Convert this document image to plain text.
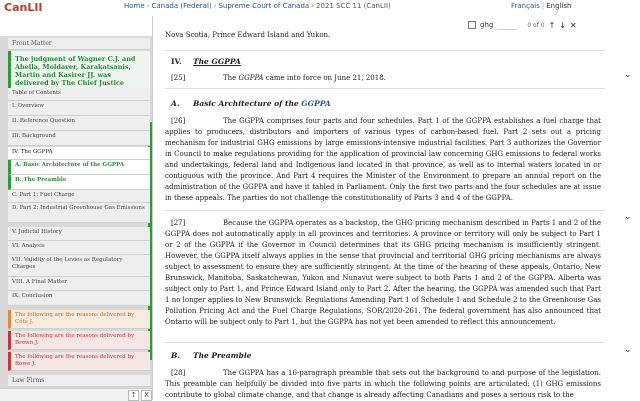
CanLII	Home › Canada (Federal) › Supreme Court of Canada › 2021 SCC 11 (CanLII)	Français | English
ghg	0 of 0 ↑ ↓ ✕
Front Matter
The judgment of Wagner C.J. and Abella, Moldaver, Karakatsanis, Martin and Kasirer JJ. was delivered by The Chief Justice
Table of Contents
I. Overview
II. Reference Question
III. Background
IV. The GGPPA
A. Basic Architecture of the GGPPA
B. The Preamble
C. Part 1: Fuel Charge
D. Part 2: Industrial Greenhouse Gas Emissions
V. Judicial History
VI. Analysis
VII. Validity of the Levies as Regulatory Charges
VIII. A Final Matter
IX. Conclusion
The following are the reasons delivered by Côté J.
The following are the reasons delivered by Brown J.
The following are the reasons delivered by Rowe J.
Law Firms
↑	X
Nova Scotia, Prince Edward Island and Yukon.
IV. The GGPPA
[25]	The GGPPA came into force on June 21, 2018.
A. Basic Architecture of the GGPPA
[26]	The GGPPA comprises four parts and four schedules. Part 1 of the GGPPA establishes a fuel charge that applies to producers, distributors and importers of various types of carbon-based fuel. Part 2 sets out a pricing mechanism for industrial GHG emissions by large emissions-intensive industrial facilities. Part 3 authorizes the Governor in Council to make regulations providing for the application of provincial law concerning GHG emissions to federal works and undertakings, federal land and Indigenous land located in that province, as well as to internal waters located in or contiguous with the province. And Part 4 requires the Minister of the Environment to prepare an annual report on the administration of the GGPPA and have it tabled in Parliament. Only the first two parts and the four schedules are at issue in these appeals. The parties do not challenge the constitutionality of Parts 3 and 4 of the GGPPA.
[27]	Because the GGPPA operates as a backstop, the GHG pricing mechanism described in Parts 1 and 2 of the GGPPA does not automatically apply in all provinces and territories. A province or territory will only be subject to Part 1 or 2 of the GGPPA if the Governor in Council determines that its GHG pricing mechanism is insufficiently stringent. However, the GGPPA itself always applies in the sense that provincial and territorial GHG pricing mechanisms are always subject to assessment to ensure they are sufficiently stringent. At the time of the hearing of these appeals, Ontario, New Brunswick, Manitoba, Saskatchewan, Yukon and Nunavut were subject to both Parts 1 and 2 of the GGPPA. Alberta was subject only to Part 1, and Prince Edward Island only to Part 2. After the hearing, the GGPPA was amended such that Part 1 no longer applies to New Brunswick: Regulations Amending Part 1 of Schedule 1 and Schedule 2 to the Greenhouse Gas Pollution Pricing Act and the Fuel Charge Regulations, SOR/2020-261. The federal government has also announced that Ontario will be subject only to Part 1, but the GGPPA has not yet been amended to reflect this announcement.
B. The Preamble
[28]	The GGPPA has a 16-paragraph preamble that sets out the background to and purpose of the legislation. This preamble can helpfully be divided into five parts in which the following points are articulated: (1) GHG emissions contribute to global climate change, and that change is already affecting Canadians and poses a serious risk to the
⌄
⌄
⌄
